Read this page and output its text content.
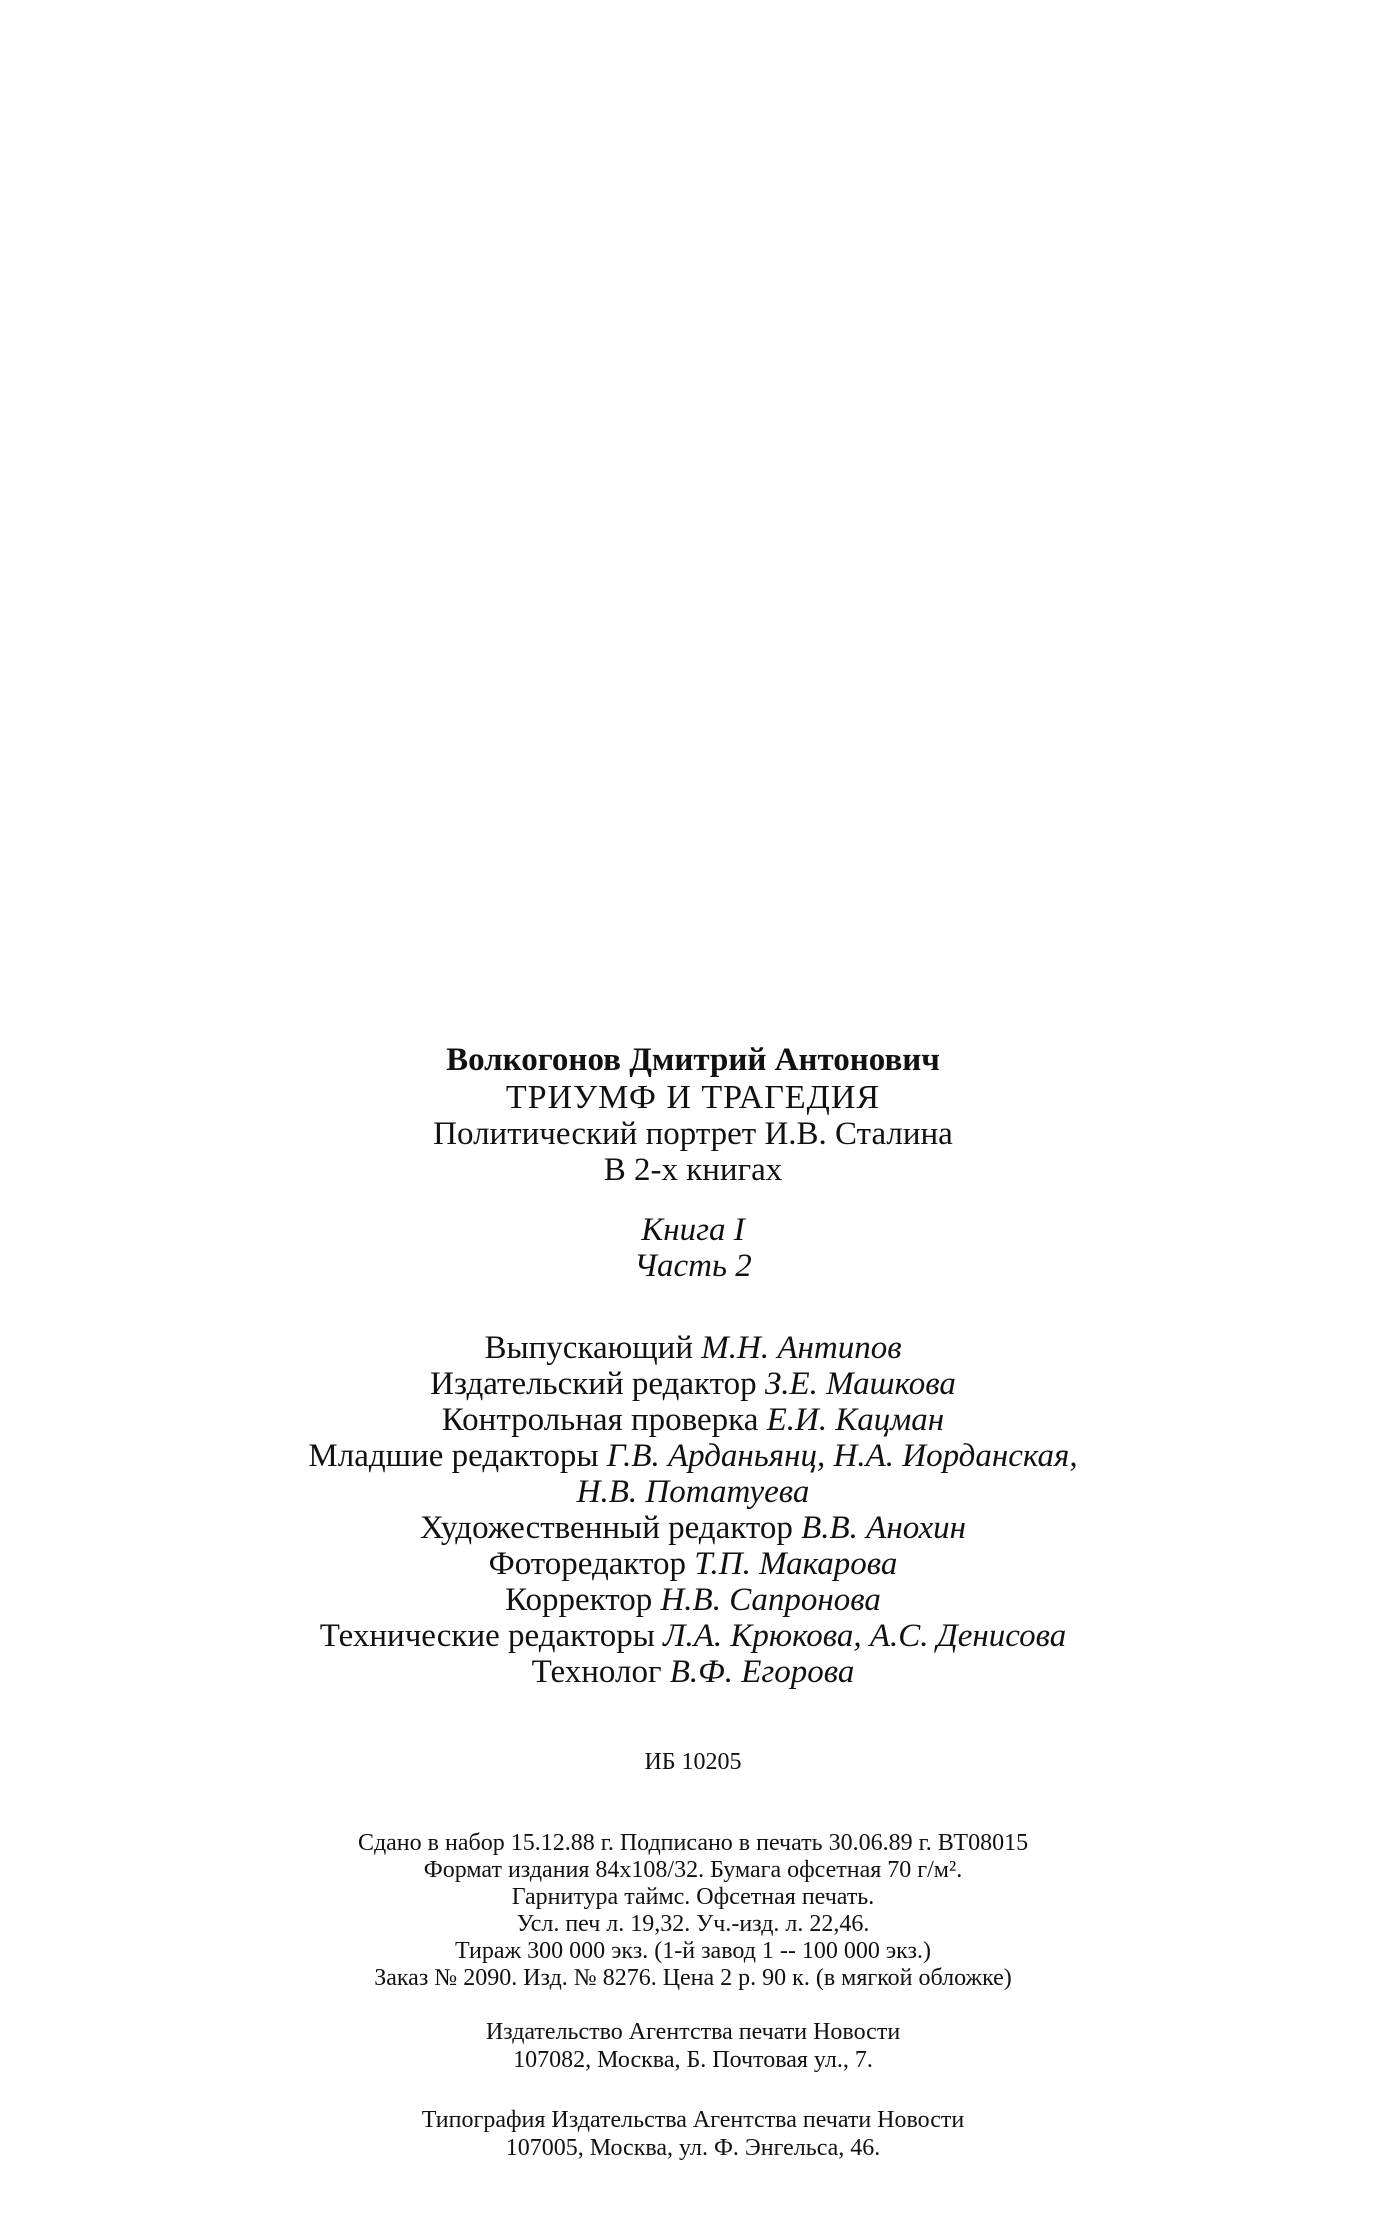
Волкогонов Дмитрий Антонович
ТРИУМФ И ТРАГЕДИЯ
Политический портрет И.В. Сталина
В 2-х книгах
Книга I
Часть 2
Выпускающий М.Н. Антипов
Издательский редактор З.Е. Машкова
Контрольная проверка Е.И. Кацман
Младшие редакторы Г.В. Арданьянц, Н.А. Иорданская,
Н.В. Потатуева
Художественный редактор В.В. Анохин
Фоторедактор Т.П. Макарова
Корректор Н.В. Сапронова
Технические редакторы Л.А. Крюкова, А.С. Денисова
Технолог В.Ф. Егорова
ИБ 10205
Сдано в набор 15.12.88 г. Подписано в печать 30.06.89 г. ВТ08015
Формат издания 84x108/32. Бумага офсетная 70 г/м².
Гарнитура таймс. Офсетная печать.
Усл. печ л. 19,32. Уч.-изд. л. 22,46.
Тираж 300 000 экз. (1-й завод 1 -- 100 000 экз.)
Заказ № 2090. Изд. № 8276. Цена 2 р. 90 к. (в мягкой обложке)
Издательство Агентства печати Новости
107082, Москва, Б. Почтовая ул., 7.
Типография Издательства Агентства печати Новости
107005, Москва, ул. Ф. Энгельса, 46.
